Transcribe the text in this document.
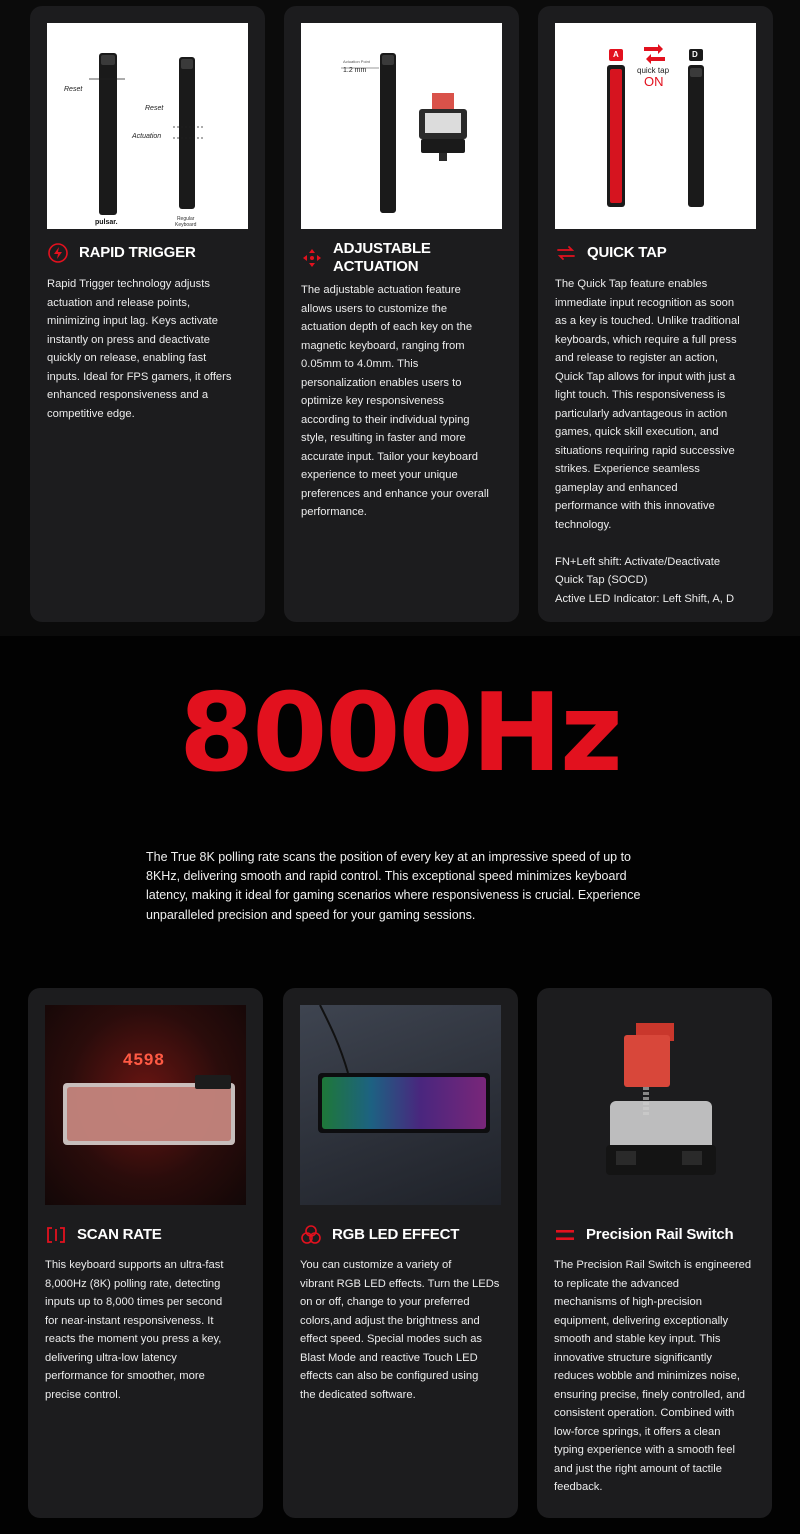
Reset
Reset
Actuation
pulsar.	Regular
Keyboard
RAPID TRIGGER
Rapid Trigger technology adjusts
actuation and release points,
minimizing input lag. Keys activate
instantly on press and deactivate
quickly on release, enabling fast
inputs. Ideal for FPS gamers, it offers
enhanced responsiveness and a
competitive edge.
Actuation Point
1.2 mm
ADJUSTABLE
ACTUATION
The adjustable actuation feature
allows users to customize the
actuation depth of each key on the
magnetic keyboard, ranging from
0.05mm to 4.0mm. This
personalization enables users to
optimize key responsiveness
according to their individual typing
style, resulting in faster and more
accurate input. Tailor your keyboard
experience to meet your unique
preferences and enhance your overall
performance.
A	D
quick tap
ON
QUICK TAP
The Quick Tap feature enables
immediate input recognition as soon
as a key is touched. Unlike traditional
keyboards, which require a full press
and release to register an action,
Quick Tap allows for input with just a
light touch. This responsiveness is
particularly advantageous in action
games, quick skill execution, and
situations requiring rapid successive
strikes. Experience seamless
gameplay and enhanced
performance with this innovative
technology.

FN+Left shift: Activate/Deactivate
Quick Tap (SOCD)
Active LED Indicator: Left Shift, A, D
8000Hz
The True 8K polling rate scans the position of every key at an impressive speed of up to 8KHz, delivering smooth and rapid control. This exceptional speed minimizes keyboard latency, making it ideal for gaming scenarios where responsiveness is crucial. Experience unparalleled precision and speed for your gaming sessions.
4598
SCAN RATE
This keyboard supports an ultra-fast
8,000Hz (8K) polling rate, detecting
inputs up to 8,000 times per second
for near-instant responsiveness. It
reacts the moment you press a key,
delivering ultra-low latency
performance for smoother, more
precise control.
RGB LED EFFECT
You can customize a variety of
vibrant RGB LED effects. Turn the LEDs
on or off, change to your preferred
colors,and adjust the brightness and
effect speed. Special modes such as
Blast Mode and reactive Touch LED
effects can also be configured using
the dedicated software.
Precision Rail Switch
The Precision Rail Switch is engineered
to replicate the advanced
mechanisms of high-precision
equipment, delivering exceptionally
smooth and stable key input. This
innovative structure significantly
reduces wobble and minimizes noise,
ensuring precise, finely controlled, and
consistent operation. Combined with
low-force springs, it offers a clean
typing experience with a smooth feel
and just the right amount of tactile
feedback.
